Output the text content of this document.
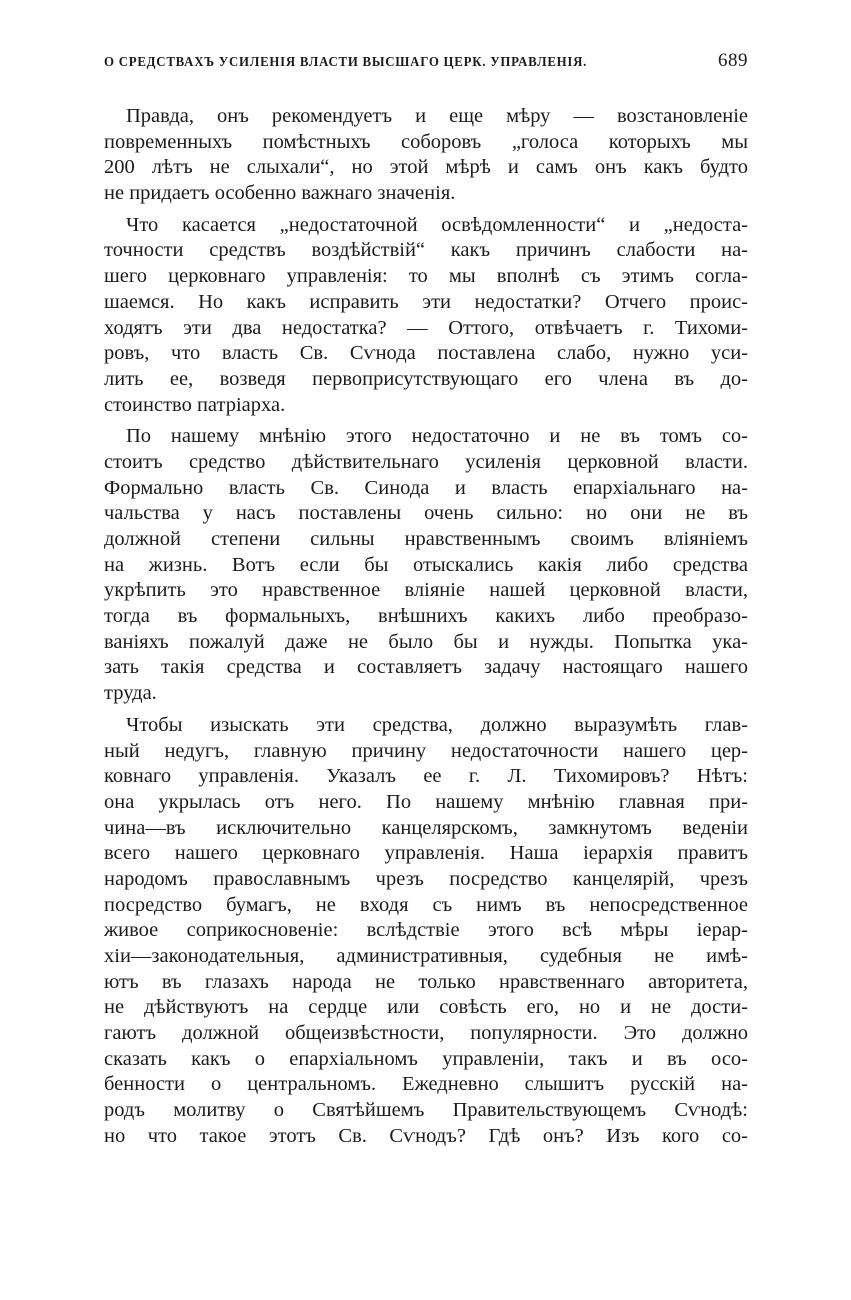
О СРЕДСТВАХЪ УСИЛЕНІЯ ВЛАСТИ ВЫСШАГО ЦЕРК. УПРАВЛЕНІЯ.	689
Правда, онъ рекомендуетъ и еще мѣру — возстановленіе
повременныхъ помѣстныхъ соборовъ „голоса которыхъ мы
200 лѣтъ не слыхали“, но этой мѣрѣ и самъ онъ какъ будто
не придаетъ особенно важнаго значенія.
Что касается „недостаточной освѣдомленности“ и „недоста-
точности средствъ воздѣйствій“ какъ причинъ слабости на-
шего церковнаго управленія: то мы вполнѣ съ этимъ согла-
шаемся. Но какъ исправить эти недостатки? Отчего проис-
ходятъ эти два недостатка? — Оттого, отвѣчаетъ г. Тихоми-
ровъ, что власть Св. Сѵнода поставлена слабо, нужно уси-
лить ее, возведя первоприсутствующаго его члена въ до-
стоинство патріарха.
По нашему мнѣнію этого недостаточно и не въ томъ со-
стоитъ средство дѣйствительнаго усиленія церковной власти.
Формально власть Св. Синода и власть епархіальнаго на-
чальства у насъ поставлены очень сильно: но они не въ
должной степени сильны нравственнымъ своимъ вліяніемъ
на жизнь. Вотъ если бы отыскались какія либо средства
укрѣпить это нравственное вліяніе нашей церковной власти,
тогда въ формальныхъ, внѣшнихъ какихъ либо преобразо-
ваніяхъ пожалуй даже не было бы и нужды. Попытка ука-
зать такія средства и составляетъ задачу настоящаго нашего
труда.
Чтобы изыскать эти средства, должно выразумѣть глав-
ный недугъ, главную причину недостаточности нашего цер-
ковнаго управленія. Указалъ ее г. Л. Тихомировъ? Нѣтъ:
она укрылась отъ него. По нашему мнѣнію главная при-
чина—въ исключительно канцелярскомъ, замкнутомъ веденіи
всего нашего церковнаго управленія. Наша іерархія правитъ
народомъ православнымъ чрезъ посредство канцелярій, чрезъ
посредство бумагъ, не входя съ нимъ въ непосредственное
живое соприкосновеніе: вслѣдствіе этого всѣ мѣры іерар-
хіи—законодательныя, административныя, судебныя не имѣ-
ютъ въ глазахъ народа не только нравственнаго авторитета,
не дѣйствуютъ на сердце или совѣсть его, но и не дости-
гаютъ должной общеизвѣстности, популярности. Это должно
сказать какъ о епархіальномъ управленіи, такъ и въ осо-
бенности о центральномъ. Ежедневно слышитъ русскій на-
родъ молитву о Святѣйшемъ Правительствующемъ Сѵнодѣ:
но что такое этотъ Св. Сѵнодъ? Гдѣ онъ? Изъ кого со-
